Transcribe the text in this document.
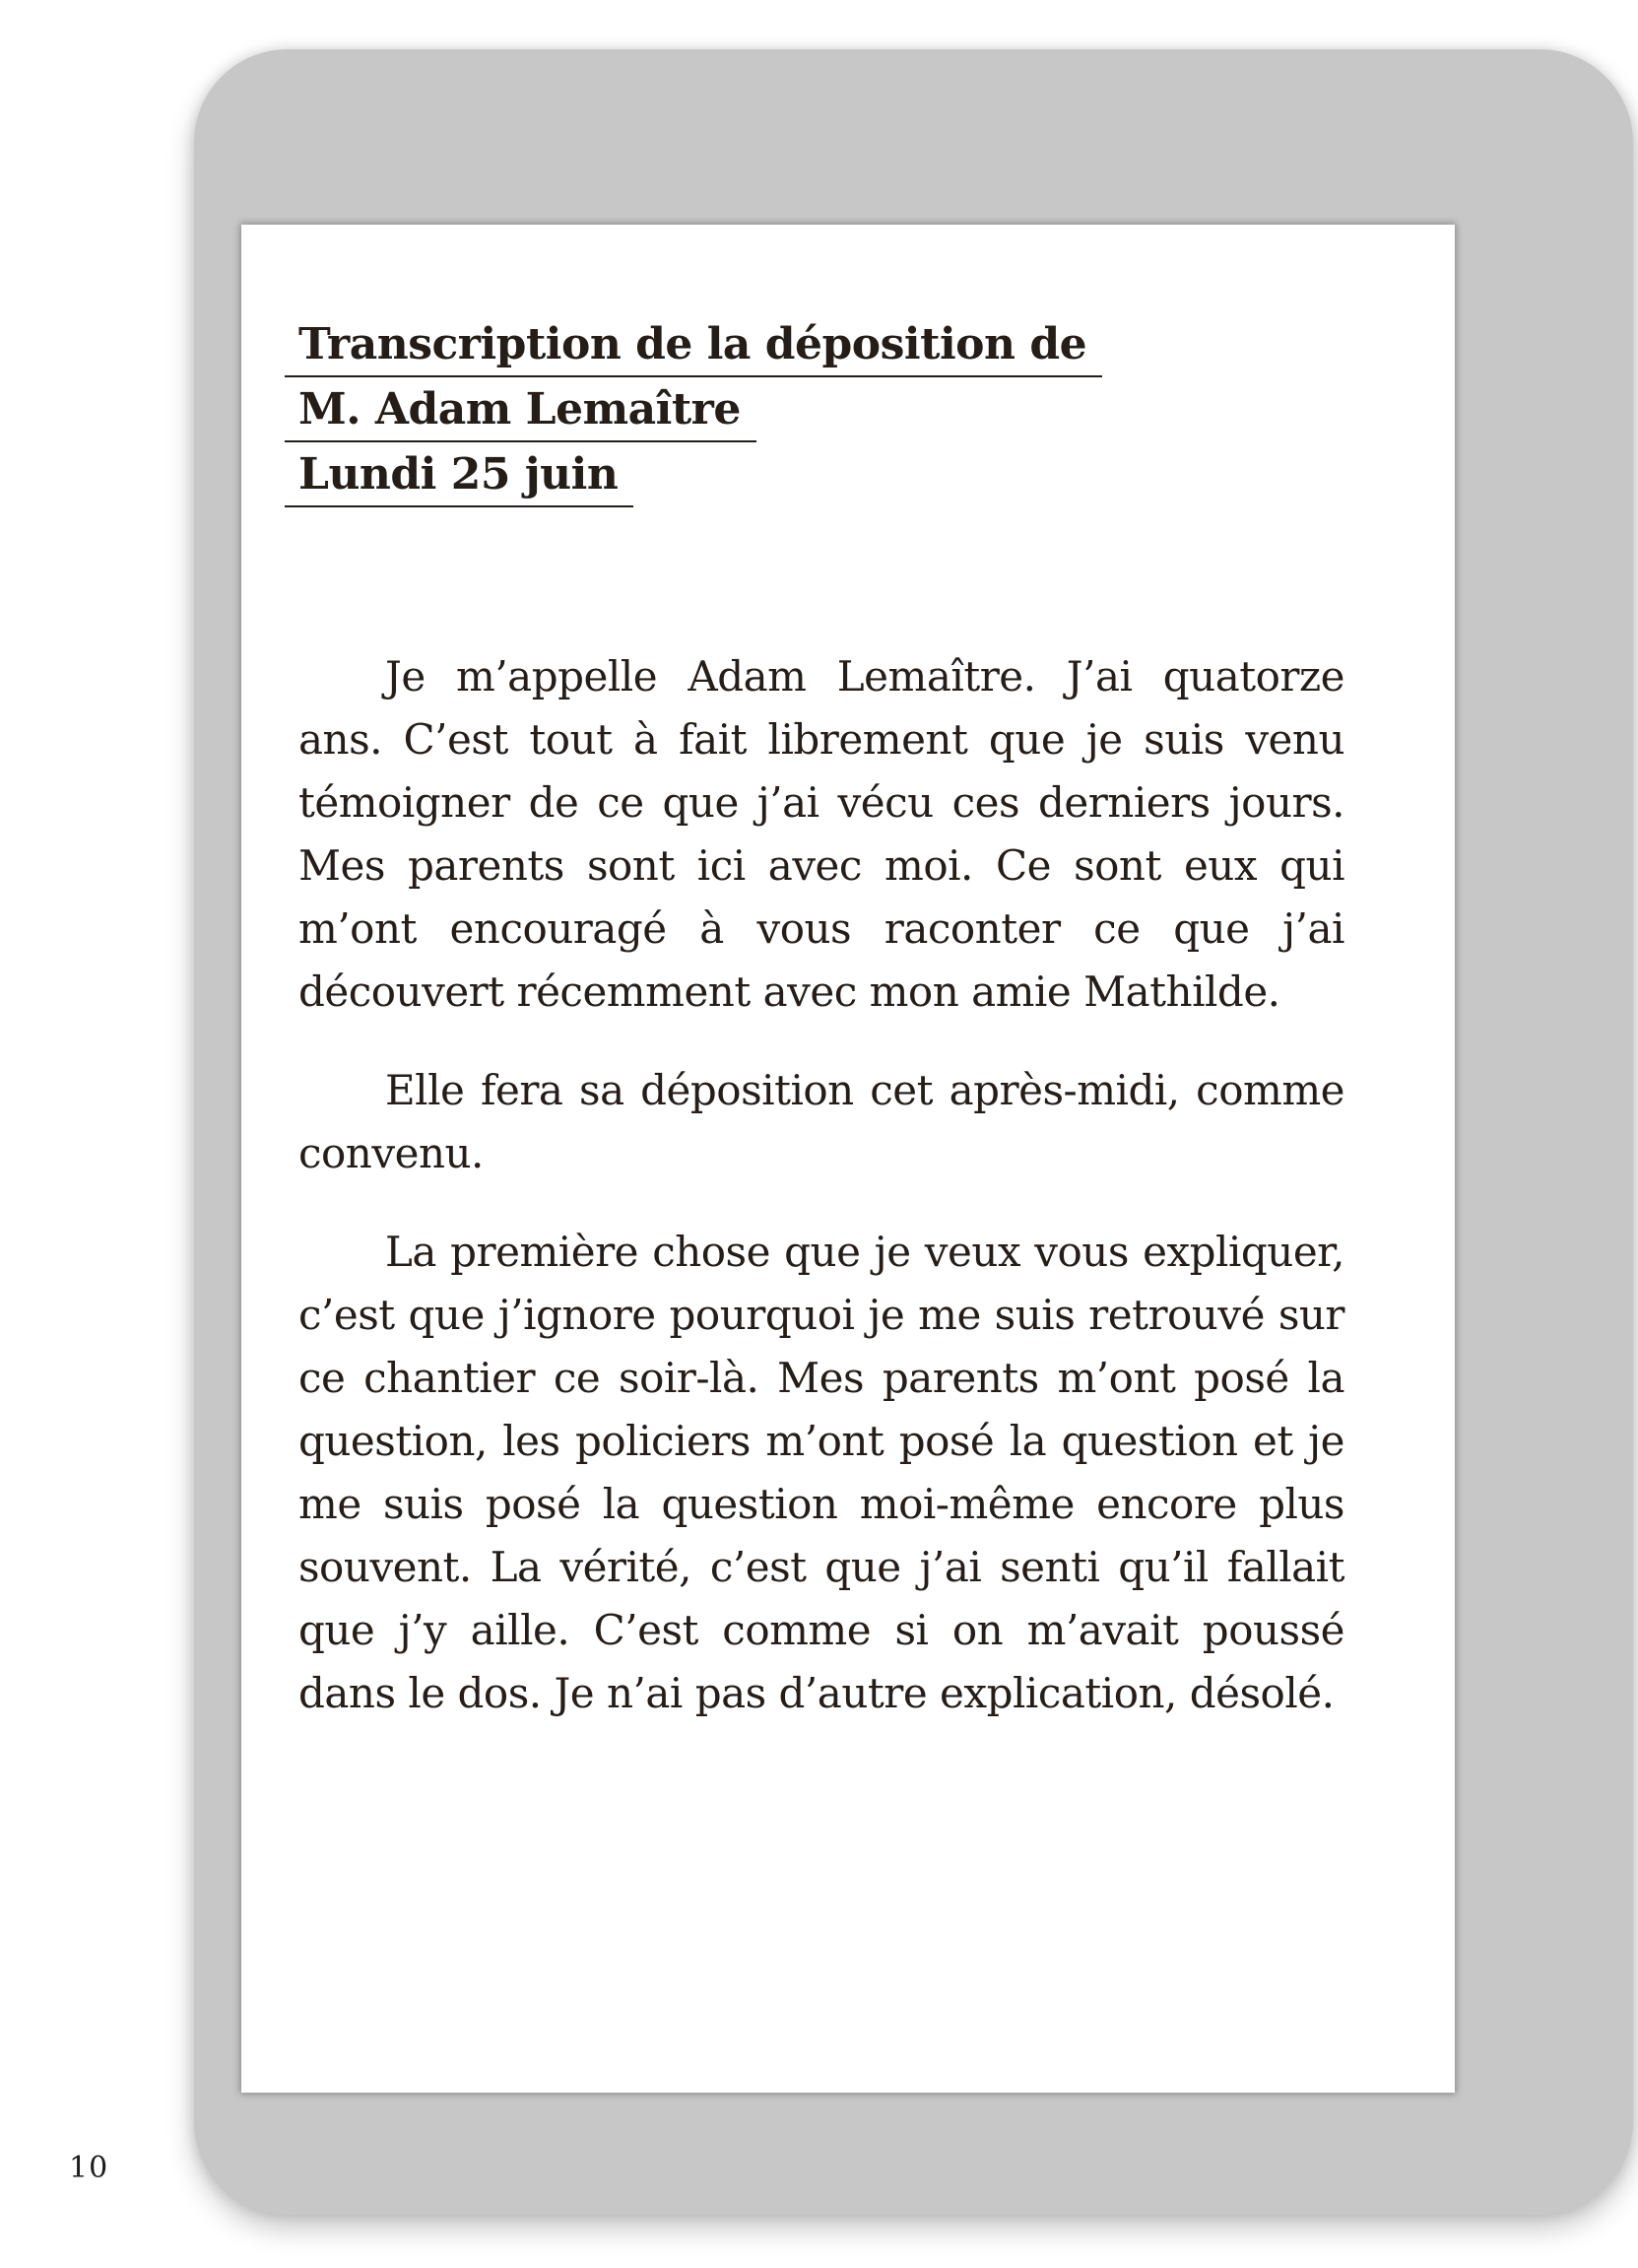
Transcription de la déposition de
M. Adam Lemaître
Lundi 25 juin

Je m’appelle Adam Lemaître. J’ai quatorze ans. C’est tout à fait librement que je suis venu témoigner de ce que j’ai vécu ces derniers jours. Mes parents sont ici avec moi. Ce sont eux qui m’ont encouragé à vous raconter ce que j’ai découvert récemment avec mon amie Mathilde.

Elle fera sa déposition cet après-midi, comme convenu.

La première chose que je veux vous expliquer, c’est que j’ignore pourquoi je me suis retrouvé sur ce chantier ce soir-là. Mes parents m’ont posé la question, les policiers m’ont posé la question et je me suis posé la question moi-même encore plus souvent. La vérité, c’est que j’ai senti qu’il fallait que j’y aille. C’est comme si on m’avait poussé dans le dos. Je n’ai pas d’autre explication, désolé.

10
